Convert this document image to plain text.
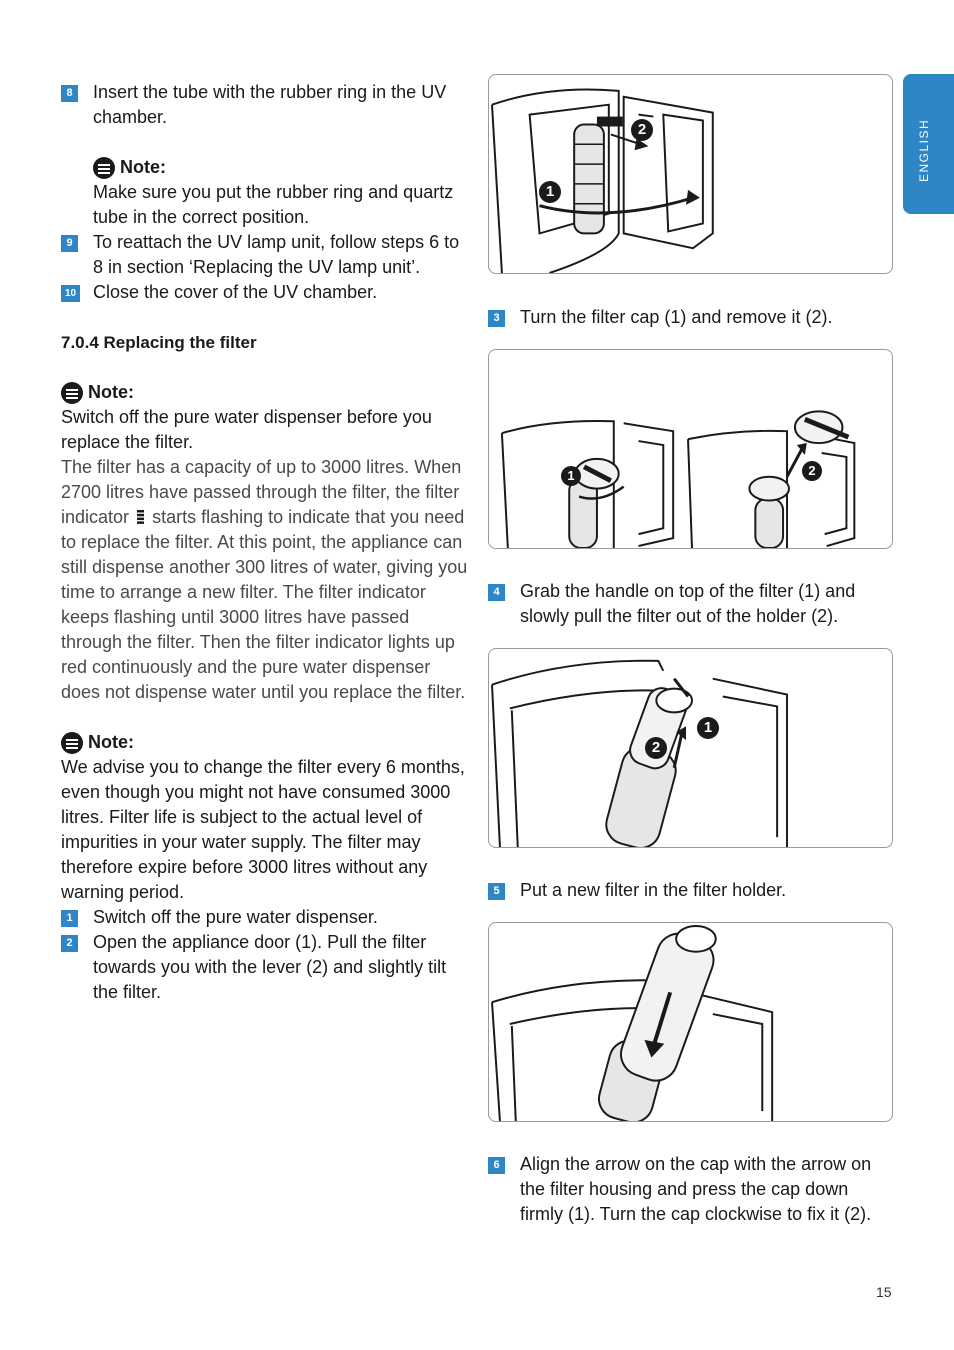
ENGLISH
8	Insert the tube with the rubber ring in the UV chamber.

Note:

Make sure you put the rubber ring and quartz tube in the correct position.

9	To reattach the UV lamp unit, follow steps 6 to 8 in section ‘Replacing the UV lamp unit’.

10 Close the cover of the UV chamber.

7.0.4 Replacing the filter

Note:

Switch off the pure water dispenser before you replace the filter.

The filter has a capacity of up to 3000 litres. When 2700 litres have passed through the filter, the filter indicator starts flashing to indicate that you need to replace the filter. At this point, the appliance can still dispense another 300 litres of water, giving you time to arrange a new filter. The filter indicator keeps flashing until 3000 litres have passed through the filter. Then the filter indicator lights up red continuously and the pure water dispenser does not dispense water until you replace the filter.

Note:

We advise you to change the filter every 6 months, even though you might not have consumed 3000 litres. Filter life is subject to the actual level of impurities in your water supply. The filter may therefore expire before 3000 litres without any warning period.

1	Switch off the pure water dispenser.

2	Open the appliance door (1). Pull the filter towards you with the lever (2) and slightly tilt the filter.

1
2
3	Turn the filter cap (1) and remove it (2).

1	2
4	Grab the handle on top of the filter (1) and slowly pull the filter out of the holder (2).

1
2
5	Put a new filter in the filter holder.

6	Align the arrow on the cap with the arrow on the filter housing and press the cap down firmly (1). Turn the cap clockwise to fix it (2).

15
